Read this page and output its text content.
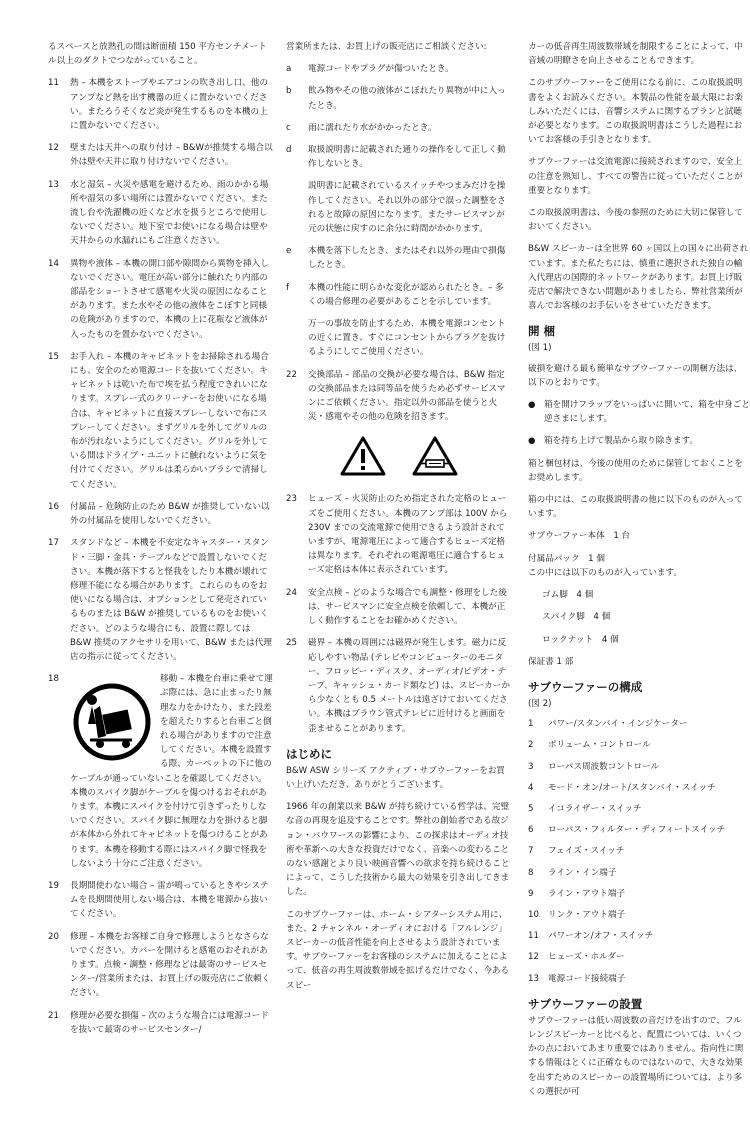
るスペースと放熱孔の間は断面積 150 平方センチメートル以上のダクトでつながっていること。

11	熱 – 本機をストーブやエアコンの吹き出し口、他のアンプなど熱を出す機器の近くに置かないでください。またろうそくなど炎が発生するものを本機の上に置かないでください。
12	壁または天井への取り付け – B&Wが推奨する場合以外は壁や天井に取り付けないでください。
13	水と湿気 – 火災や感電を避けるため、雨のかかる場所や湿気の多い場所には置かないでください。また流し台や洗濯機の近くなど水を扱うところで使用しないでください。地下室でお使いになる場合は壁や天井からの水漏れにもご注意ください。
14	異物や液体 – 本機の開口部や隙間から異物を挿入しないでください。電圧が高い部分に触れたり内部の部品をショートさせて感電や火災の原因になることがあります。また水やその他の液体をこぼすと同様の危険がありますので、本機の上に花瓶など液体が入ったものを置かないでください。
15	お手入れ – 本機のキャビネットをお掃除される場合にも、安全のため電源コードを抜いてください。キャビネットは乾いた布で埃を払う程度できれいになります。スプレー式のクリーナーをお使いになる場合は、キャビネットに直接スプレーしないで布にスプレーしてください。まずグリルを外してグリルの布が汚れないようにしてください。グリルを外している間はドライブ・ユニットに触れないように気を付けてください。グリルは柔らかいブラシで清掃してください。
16	付属品 – 危険防止のため B&W が推奨していない以外の付属品を使用しないでください。
17	スタンドなど – 本機を不安定なキャスター・スタンド・三脚・金具・テーブルなどで設置しないでください。本機が落下すると怪我をしたり本機が壊れて修理不能になる場合があります。これらのものをお使いになる場合は、オプションとして発売されているものまたは B&W が推奨しているものをお使いください。どのような場合にも、設置に際しては B&W 推奨のアクセサリを用いて、B&W または代理店の指示に従ってください。
18	移動 – 本機を台車に乗せて運ぶ際には、急に止まったり無理な力をかけたり、また段差を超えたりすると台車ごと倒れる場合がありますので注意してください。本機を設置する際、カーペットの下に他のケーブルが通っていないことを確認してください。本機のスパイク脚がケーブルを傷つけるおそれがあります。本機にスパイクを付けて引きずったりしないでください。スパイク脚に無理な力を掛けると脚が本体から外れてキャビネットを傷つけることがあります。本機を移動する際にはスパイク脚で怪我をしないよう十分にご注意ください。
19	長期間使わない場合 – 雷が鳴っているときやシステムを長期間使用しない場合は、本機を電源から抜いてください。
20	修理 – 本機をお客様ご自身で修理しようとなさらないでください。カバーを開けると感電のおそれがあります。点検・調整・修理などは最寄のサービスセンター/営業所または、お買上げの販売店にご依頼ください。
21	修理が必要な損傷 – 次のような場合には電源コードを抜いて最寄のサービスセンター/

営業所または、お買上げの販売店にご相談ください:

a	電源コードやプラグが傷ついたとき。
b	飲み物やその他の液体がこぼれたり異物が中に入ったとき。
c	雨に濡れたり水がかかったとき。
d	取扱説明書に記載された通りの操作をして正しく動作しないとき。
説明書に記載されているスイッチやつまみだけを操作してください。それ以外の部分で誤った調整をされると故障の原因になります。またサービスマンが元の状態に戻すのに余分に時間がかかります。
e	本機を落下したとき、またはそれ以外の理由で損傷したとき。
f	本機の性能に明らかな変化が認められたとき。– 多くの場合修理の必要があることを示しています。
万一の事故を防止するため、本機を電源コンセントの近くに置き、すぐにコンセントからプラグを抜けるようにしてご使用ください。
22	交換部品 – 部品の交換が必要な場合は、B&W 指定の交換部品または同等品を使うため必ずサービスマンにご依頼ください。指定以外の部品を使うと火災・感電やその他の危険を招きます。
23	ヒューズ – 火災防止のため指定された定格のヒューズをご使用ください。本機のアンプ部は 100V から 230V までの交流電源で使用できるよう設計されていますが、電源電圧によって適合するヒューズ定格は異なります。それぞれの電源電圧に適合するヒューズ定格は本体に表示されています。
24	安全点検 – どのような場合でも調整・修理をした後は、サービスマンに安全点検を依頼して、本機が正しく動作することをお確かめください。
25	磁界 – 本機の周囲には磁界が発生します。磁力に反応しやすい物品 (テレビやコンピューターのモニター、フロッピー・ディスク、オーディオ/ビデオ・テープ、キャッシュ・カード類など) は、スピーカーから少なくとも 0.5 メートルは遠ざけておいてください。本機はブラウン管式テレビに近付けると画面を歪ませることがあります。
はじめに

B&W ASW シリーズ アクティブ・サブウーファーをお買い上げいただき、ありがとうございます。

1966 年の創業以来 B&W が持ち続けている哲学は、完璧な音の再現を追及することです。弊社の創始者である故ジョン・バウワースの影響により、この探求はオーディオ技術や革新への大きな投資だけでなく、音楽への変わることのない感謝とより良い映画音響への欲求を持ち続けることによって、こうした技術から最大の効果を引き出してきました。

このサブウーファーは、ホーム・シアターシステム用に、また、2 チャンネル・オーディオにおける「フルレンジ」スピーカーの低音性能を向上させるよう設計されています。サブウーファーをお客様のシステムに加えることによって、低音の再生周波数帯域を拡げるだけでなく、今あるスピー

カーの低音再生周波数帯域を制限することによって、中音域の明瞭さを向上させることもできます。

このサブウーファーをご使用になる前に、この取扱説明書をよくお読みください。本製品の性能を最大限にお楽しみいただくには、音響システムに関するプランと試聴が必要となります。この取扱説明書はこうした過程においてお客様の手引きとなります。

サブウーファーは交流電源に接続されますので、安全上の注意を熟知し、すべての警告に従っていただくことが重要となります。

この取扱説明書は、今後の参照のために大切に保管しておいてください。

B&W スピーカーは全世界 60 ヶ国以上の国々に出荷されています。また私たちには、慎重に選択された独自の輸入代理店の国際的ネットワークがあります。お買上げ販売店で解決できない問題がありましたら、弊社営業所が喜んでお客様のお手伝いをさせていただきます。

開 梱
(図 1)

破損を避ける最も簡単なサブウーファーの開梱方法は、以下のとおりです。

● 箱を開けフラップをいっぱいに開いて、箱を中身ごと逆さまにします。
● 箱を持ち上げて製品から取り除きます。

箱と梱包材は、今後の使用のために保管しておくことをお奨めします。

箱の中には、この取扱説明書の他に以下のものが入っています。

サブウーファー本体　1 台

付属品パック　1 個

この中には以下のものが入っています。

ゴム脚　4 個
スパイク脚　4 個
ロックナット　4 個

保証書 1 部

サブウーファーの構成
(図 2)
1 パワー/スタンバイ・インジケーター
2 ボリューム・コントロール
3 ローパス周波数コントロール
4 モード・オン/オート/スタンバイ・スイッチ
5 イコライザー・スイッチ
6 ローパス・フィルター・ディフィートスイッチ
7 フェイズ・スイッチ
8 ライン・イン端子
9 ライン・アウト端子
10 リンク・アウト端子
11 パワーオン/オフ・スイッチ
12 ヒューズ・ホルダー
13 電源コード接続端子
サブウーファーの設置

サブウーファーは低い周波数の音だけを出すので、フルレンジスピーカーと比べると、配置については、いくつかの点においてあまり重要ではありません。指向性に関する情報はとくに正確なものではないので、大きな効果を出すためのスピーカーの設置場所については、より多くの選択が可
